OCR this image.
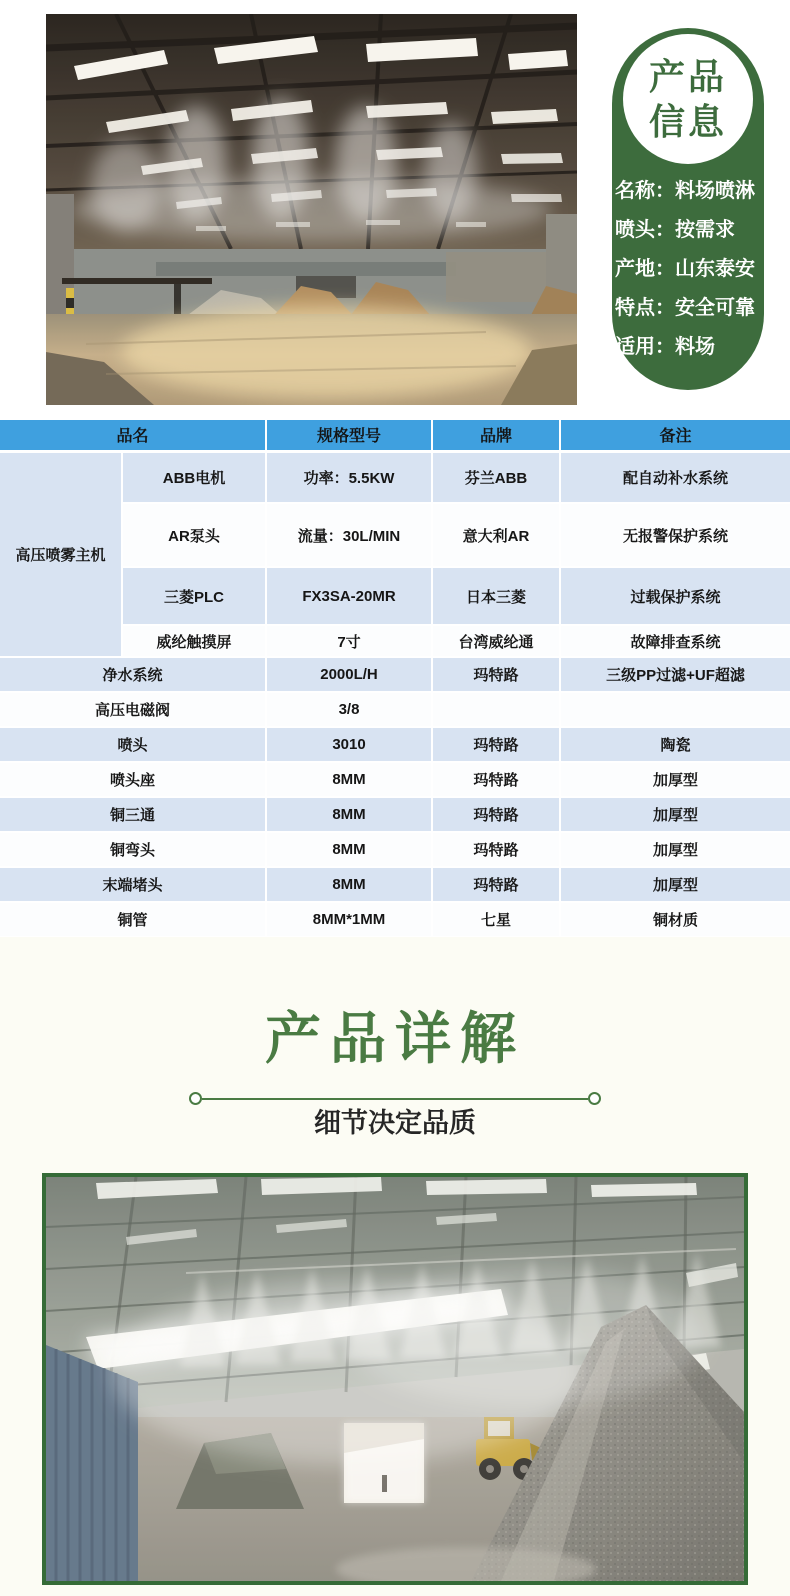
产品
信息
名称：料场喷淋
喷头：按需求
产地：山东泰安
特点：安全可靠
适用：料场
品名		规格型号	品牌	备注
高压喷雾主机	ABB电机	功率：5.5KW	芬兰ABB	配自动补水系统
	AR泵头	流量：30L/MIN	意大利AR	无报警保护系统
	三菱PLC	FX3SA-20MR	日本三菱	过载保护系统
	威纶触摸屏	7寸	台湾威纶通	故障排查系统
净水系统		2000L/H	玛特路	三级PP过滤+UF超滤
高压电磁阀		3/8		
喷头		3010	玛特路	陶瓷
喷头座		8MM	玛特路	加厚型
铜三通		8MM	玛特路	加厚型
铜弯头		8MM	玛特路	加厚型
末端堵头		8MM	玛特路	加厚型
铜管		8MM*1MM	七星	铜材质
产品详解
细节决定品质
